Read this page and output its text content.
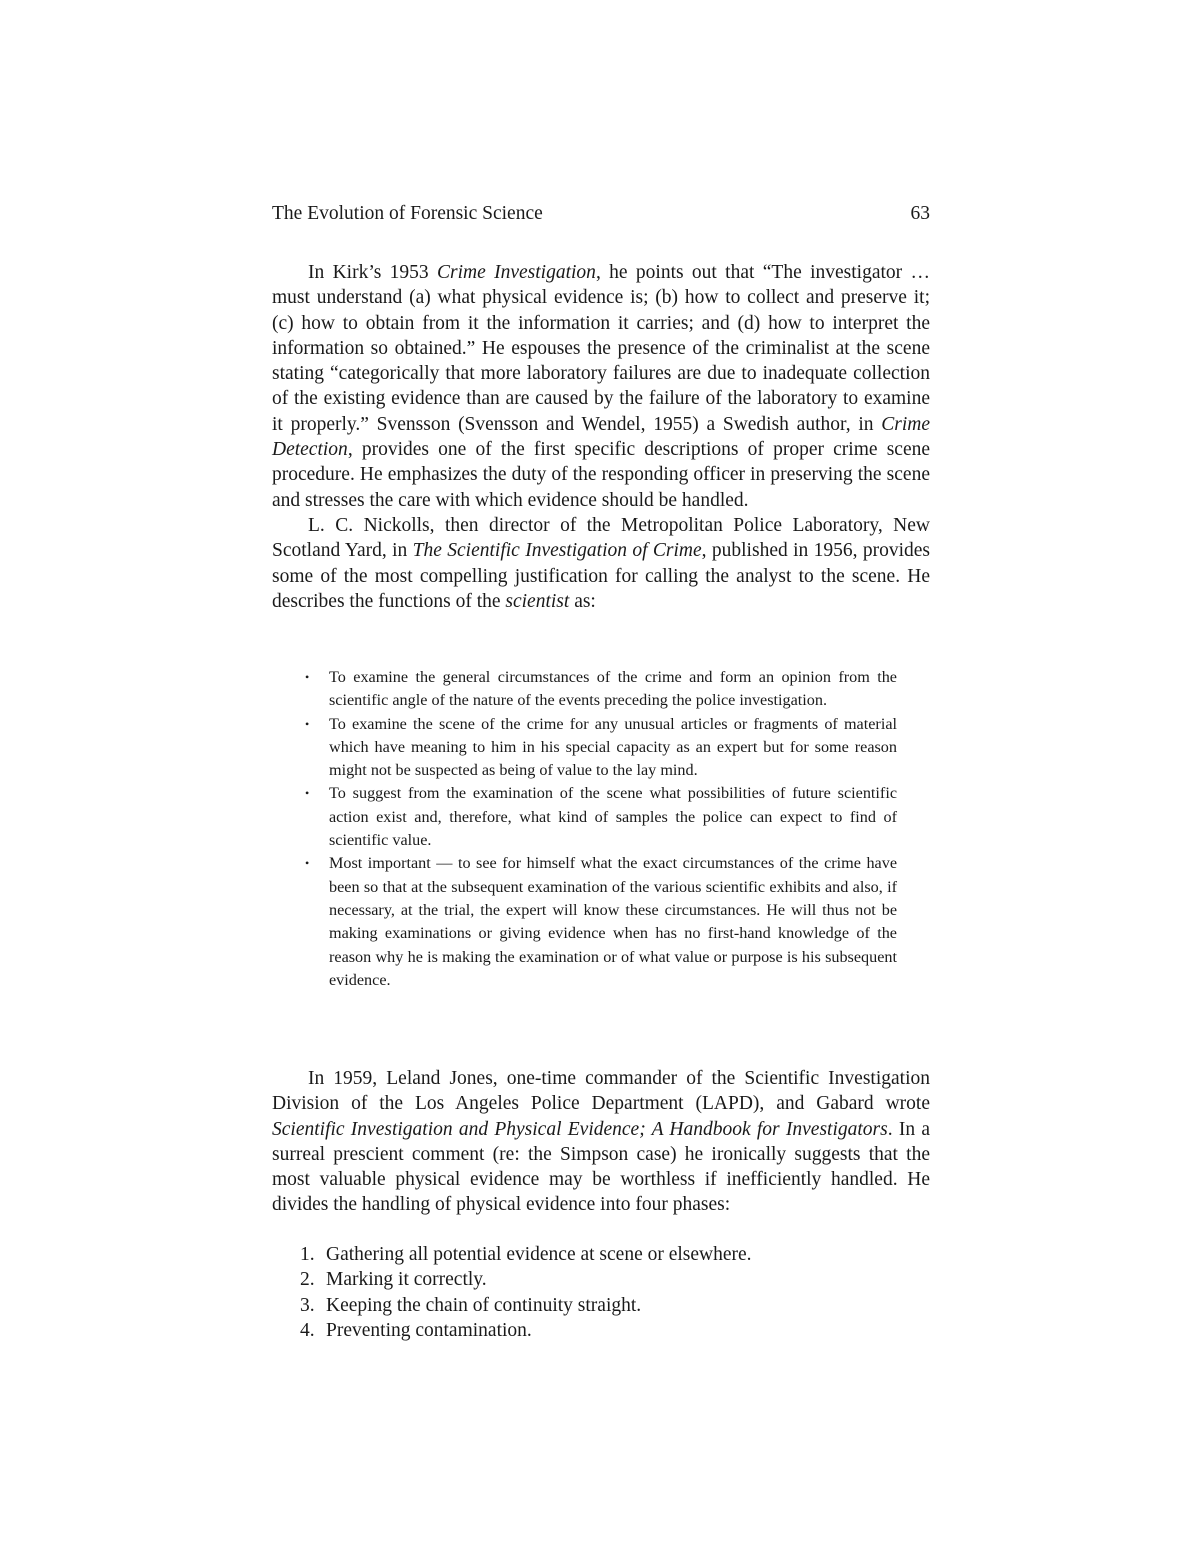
The Evolution of Forensic Science	63

In Kirk’s 1953 Crime Investigation, he points out that “The investigator … must understand (a) what physical evidence is; (b) how to collect and preserve it; (c) how to obtain from it the information it carries; and (d) how to interpret the information so obtained.” He espouses the presence of the criminalist at the scene stating “categorically that more laboratory failures are due to inadequate collection of the existing evidence than are caused by the failure of the laboratory to examine it properly.” Svensson (Svensson and Wendel, 1955) a Swedish author, in Crime Detection, provides one of the first specific descriptions of proper crime scene procedure. He emphasizes the duty of the responding officer in preserving the scene and stresses the care with which evidence should be handled.

L. C. Nickolls, then director of the Metropolitan Police Laboratory, New Scotland Yard, in The Scientific Investigation of Crime, published in 1956, provides some of the most compelling justification for calling the analyst to the scene. He describes the functions of the scientist as:

• To examine the general circumstances of the crime and form an opinion from the scientific angle of the nature of the events preceding the police investigation.
• To examine the scene of the crime for any unusual articles or fragments of material which have meaning to him in his special capacity as an expert but for some reason might not be suspected as being of value to the lay mind.
• To suggest from the examination of the scene what possibilities of future scientific action exist and, therefore, what kind of samples the police can expect to find of scientific value.
• Most important — to see for himself what the exact circumstances of the crime have been so that at the subsequent examination of the various scientific exhibits and also, if necessary, at the trial, the expert will know these circumstances. He will thus not be making examinations or giving evidence when has no first-hand knowledge of the reason why he is making the examination or of what value or purpose is his subsequent evidence.

In 1959, Leland Jones, one-time commander of the Scientific Investigation Division of the Los Angeles Police Department (LAPD), and Gabard wrote Scientific Investigation and Physical Evidence; A Handbook for Investigators. In a surreal prescient comment (re: the Simpson case) he ironically suggests that the most valuable physical evidence may be worthless if inefficiently handled. He divides the handling of physical evidence into four phases:

1. Gathering all potential evidence at scene or elsewhere.
2. Marking it correctly.
3. Keeping the chain of continuity straight.
4. Preventing contamination.
